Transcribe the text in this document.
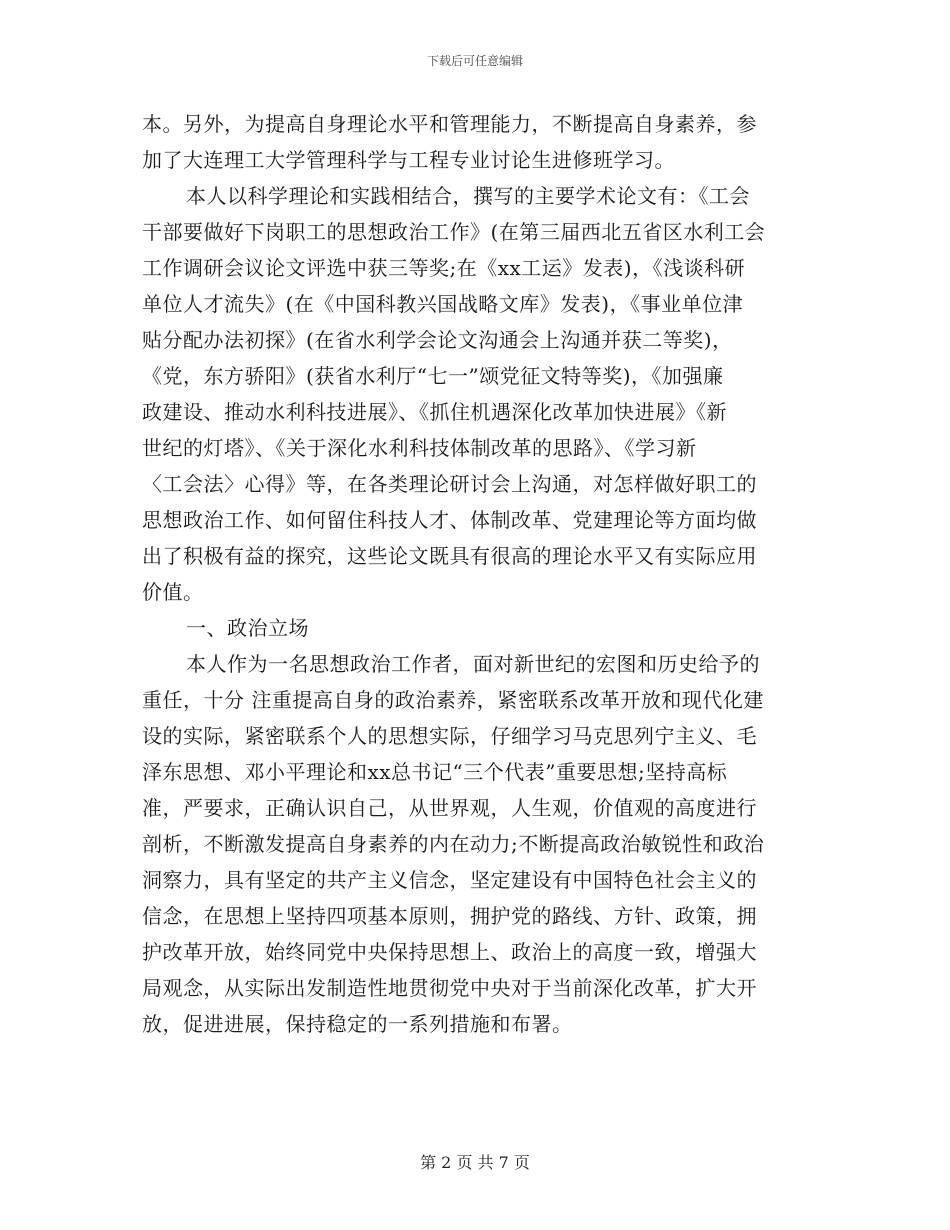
下载后可任意编辑
本。另外，为提高自身理论水平和管理能力，不断提高自身素养，参
加了大连理工大学管理科学与工程专业讨论生进修班学习。
本人以科学理论和实践相结合，撰写的主要学术论文有：《工会
干部要做好下岗职工的思想政治工作》(在第三届西北五省区水利工会
工作调研会议论文评选中获三等奖;在《xx工运》发表)，《浅谈科研
单位人才流失》(在《中国科教兴国战略文库》发表)，《事业单位津
贴分配办法初探》(在省水利学会论文沟通会上沟通并获二等奖)，
《党，东方骄阳》(获省水利厅“七一”颂党征文特等奖)，《加强廉
政建设、推动水利科技进展》、《抓住机遇深化改革加快进展》《新
世纪的灯塔》、《关于深化水利科技体制改革的思路》、《学习新
〈工会法〉心得》等，在各类理论研讨会上沟通，对怎样做好职工的
思想政治工作、如何留住科技人才、体制改革、党建理论等方面均做
出了积极有益的探究，这些论文既具有很高的理论水平又有实际应用
价值。
一、政治立场
本人作为一名思想政治工作者，面对新世纪的宏图和历史给予的
重任，十分 注重提高自身的政治素养，紧密联系改革开放和现代化建
设的实际，紧密联系个人的思想实际，仔细学习马克思列宁主义、毛
泽东思想、邓小平理论和xx总书记“三个代表”重要思想;坚持高标
准，严要求，正确认识自己，从世界观，人生观，价值观的高度进行
剖析，不断激发提高自身素养的内在动力;不断提高政治敏锐性和政治
洞察力，具有坚定的共产主义信念，坚定建设有中国特色社会主义的
信念，在思想上坚持四项基本原则，拥护党的路线、方针、政策，拥
护改革开放，始终同党中央保持思想上、政治上的高度一致，增强大
局观念，从实际出发制造性地贯彻党中央对于当前深化改革，扩大开
放，促进进展，保持稳定的一系列措施和布署。
第 2 页 共 7 页
